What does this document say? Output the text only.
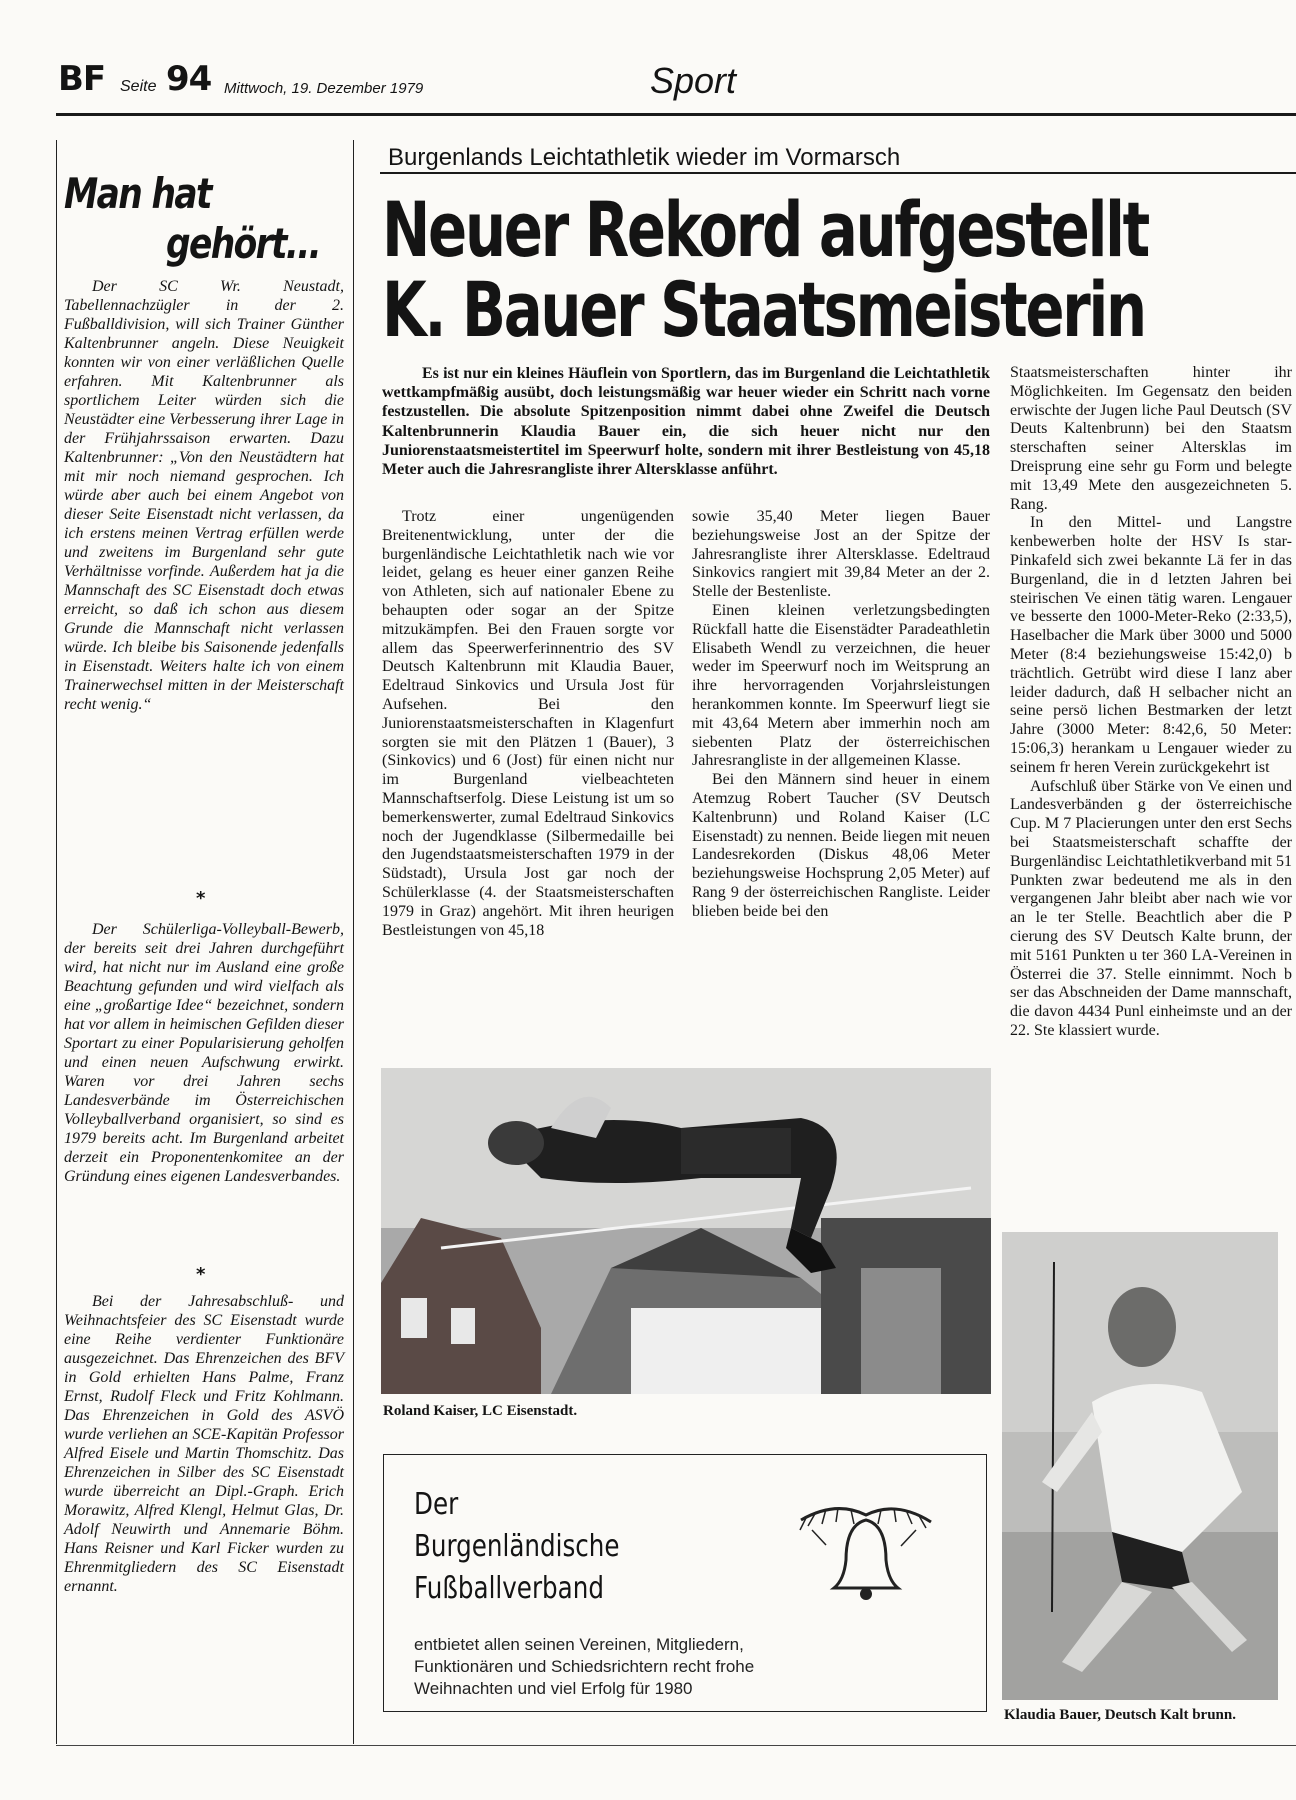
BF Seite 94 Mittwoch, 19. Dezember 1979	Sport
Man hat
gehört...

Der SC Wr. Neustadt, Tabellennachzügler in der 2. Fußballdivision, will sich Trainer Günther Kaltenbrunner angeln. Diese Neuigkeit konnten wir von einer verläßlichen Quelle erfahren. Mit Kaltenbrunner als sportlichem Leiter würden sich die Neustädter eine Verbesserung ihrer Lage in der Frühjahrssaison erwarten. Dazu Kaltenbrunner: „Von den Neustädtern hat mit mir noch niemand gesprochen. Ich würde aber auch bei einem Angebot von dieser Seite Eisenstadt nicht verlassen, da ich erstens meinen Vertrag erfüllen werde und zweitens im Burgenland sehr gute Verhältnisse vorfinde. Außerdem hat ja die Mannschaft des SC Eisenstadt doch etwas erreicht, so daß ich schon aus diesem Grunde die Mannschaft nicht verlassen würde. Ich bleibe bis Saisonende jedenfalls in Eisenstadt. Weiters halte ich von einem Trainerwechsel mitten in der Meisterschaft recht wenig.“

*

Der Schülerliga-Volleyball-Bewerb, der bereits seit drei Jahren durchgeführt wird, hat nicht nur im Ausland eine große Beachtung gefunden und wird vielfach als eine „großartige Idee“ bezeichnet, sondern hat vor allem in heimischen Gefilden dieser Sportart zu einer Popularisierung geholfen und einen neuen Aufschwung erwirkt. Waren vor drei Jahren sechs Landesverbände im Österreichischen Volleyballverband organisiert, so sind es 1979 bereits acht. Im Burgenland arbeitet derzeit ein Proponentenkomitee an der Gründung eines eigenen Landesverbandes.

*

Bei der Jahresabschluß- und Weihnachtsfeier des SC Eisenstadt wurde eine Reihe verdienter Funktionäre ausgezeichnet. Das Ehrenzeichen des BFV in Gold erhielten Hans Palme, Franz Ernst, Rudolf Fleck und Fritz Kohlmann. Das Ehrenzeichen in Gold des ASVÖ wurde verliehen an SCE-Kapitän Professor Alfred Eisele und Martin Thomschitz. Das Ehrenzeichen in Silber des SC Eisenstadt wurde überreicht an Dipl.-Graph. Erich Morawitz, Alfred Klengl, Helmut Glas, Dr. Adolf Neuwirth und Annemarie Böhm. Hans Reisner und Karl Ficker wurden zu Ehrenmitgliedern des SC Eisenstadt ernannt.

Burgenlands Leichtathletik wieder im Vormarsch
Neuer Rekord aufgestellt
K. Bauer Staatsmeisterin

Es ist nur ein kleines Häuflein von Sportlern, das im Burgenland die Leichtathletik wettkampfmäßig ausübt, doch leistungsmäßig war heuer wieder ein Schritt nach vorne festzustellen. Die absolute Spitzenposition nimmt dabei ohne Zweifel die Deutsch Kaltenbrunnerin Klaudia Bauer ein, die sich heuer nicht nur den Juniorenstaatsmeistertitel im Speerwurf holte, sondern mit ihrer Bestleistung von 45,18 Meter auch die Jahresrangliste ihrer Altersklasse anführt.

Trotz einer ungenügenden Breitenentwicklung, unter der die burgenländische Leichtathletik nach wie vor leidet, gelang es heuer einer ganzen Reihe von Athleten, sich auf nationaler Ebene zu behaupten oder sogar an der Spitze mitzukämpfen. Bei den Frauen sorgte vor allem das Speerwerferinnentrio des SV Deutsch Kaltenbrunn mit Klaudia Bauer, Edeltraud Sinkovics und Ursula Jost für Aufsehen. Bei den Juniorenstaatsmeisterschaften in Klagenfurt sorgten sie mit den Plätzen 1 (Bauer), 3 (Sinkovics) und 6 (Jost) für einen nicht nur im Burgenland vielbeachteten Mannschaftserfolg. Diese Leistung ist um so bemerkenswerter, zumal Edeltraud Sinkovics noch der Jugendklasse (Silbermedaille bei den Jugendstaatsmeisterschaften 1979 in der Südstadt), Ursula Jost gar noch der Schülerklasse (4. der Staatsmeisterschaften 1979 in Graz) angehört. Mit ihren heurigen Bestleistungen von 45,18

sowie 35,40 Meter liegen Bauer beziehungsweise Jost an der Spitze der Jahresrangliste ihrer Altersklasse. Edeltraud Sinkovics rangiert mit 39,84 Meter an der 2. Stelle der Bestenliste.

Einen kleinen verletzungsbedingten Rückfall hatte die Eisenstädter Paradeathletin Elisabeth Wendl zu verzeichnen, die heuer weder im Speerwurf noch im Weitsprung an ihre hervorragenden Vorjahrsleistungen herankommen konnte. Im Speerwurf liegt sie mit 43,64 Metern aber immerhin noch am siebenten Platz der österreichischen Jahresrangliste in der allgemeinen Klasse.

Bei den Männern sind heuer in einem Atemzug Robert Taucher (SV Deutsch Kaltenbrunn) und Roland Kaiser (LC Eisenstadt) zu nennen. Beide liegen mit neuen Landesrekorden (Diskus 48,06 Meter beziehungsweise Hochsprung 2,05 Meter) auf Rang 9 der österreichischen Rangliste. Leider blieben beide bei den

Staatsmeisterschaften hinter ihr Möglichkeiten. Im Gegensatz den beiden erwischte der Jugen liche Paul Deutsch (SV Deuts Kaltenbrunn) bei den Staatsm sterschaften seiner Altersklas im Dreisprung eine sehr gu Form und belegte mit 13,49 Mete den ausgezeichneten 5. Rang.

In den Mittel- und Langstre kenbewerben holte der HSV Is star-Pinkafeld sich zwei bekannte Lä fer in das Burgenland, die in d letzten Jahren bei steirischen Ve einen tätig waren. Lengauer ve besserte den 1000-Meter-Reko (2:33,5), Haselbacher die Mark über 3000 und 5000 Meter (8:4 beziehungsweise 15:42,0) b trächtlich. Getrübt wird diese I lanz aber leider dadurch, daß H selbacher nicht an seine persö lichen Bestmarken der letzt Jahre (3000 Meter: 8:42,6, 50 Meter: 15:06,3) herankam u Lengauer wieder zu seinem fr heren Verein zurückgekehrt ist

Aufschluß über Stärke von Ve einen und Landesverbänden g der österreichische Cup. M 7 Placierungen unter den erst Sechs bei Staatsmeisterschaft schaffte der Burgenländisc Leichtathletikverband mit 51 Punkten zwar bedeutend me als in den vergangenen Jahr bleibt aber nach wie vor an le ter Stelle. Beachtlich aber die P cierung des SV Deutsch Kalte brunn, der mit 5161 Punkten u ter 360 LA-Vereinen in Österrei die 37. Stelle einnimmt. Noch b ser das Abschneiden der Dame mannschaft, die davon 4434 Punl einheimste und an der 22. Ste klassiert wurde.

Roland Kaiser, LC Eisenstadt.
Klaudia Bauer, Deutsch Kalt brunn.
Der
Burgenländische
Fußballverband
entbietet allen seinen Vereinen, Mitgliedern,
Funktionären und Schiedsrichtern recht frohe
Weihnachten und viel Erfolg für 1980
